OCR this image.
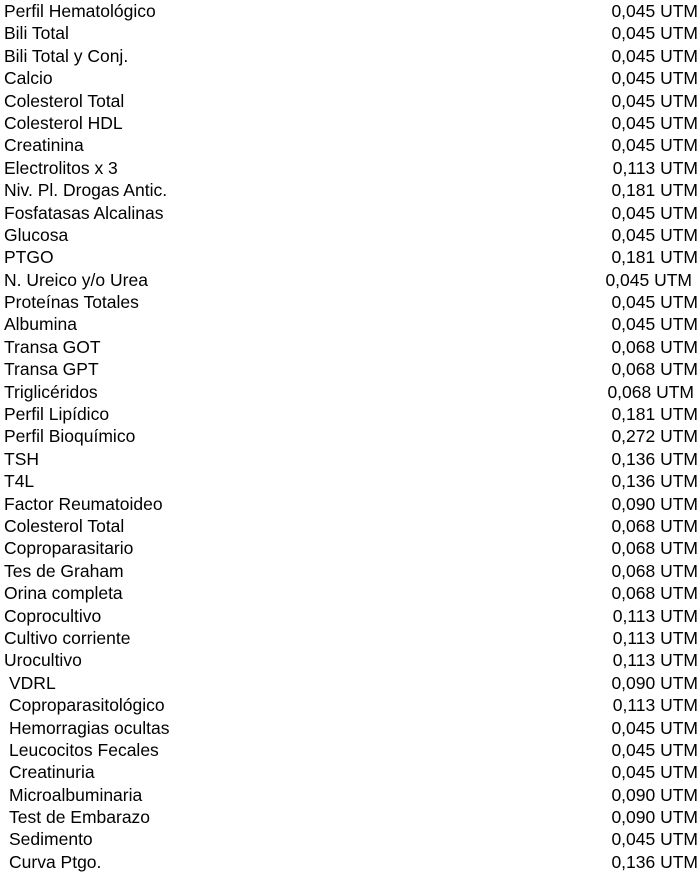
Perfil Hematológico	0,045 UTM
Bili Total	0,045 UTM
Bili Total y Conj.	0,045 UTM
Calcio	0,045 UTM
Colesterol Total	0,045 UTM
Colesterol HDL	0,045 UTM
Creatinina	0,045 UTM
Electrolitos x 3	0,113 UTM
Niv. Pl. Drogas Antic.	0,181 UTM
Fosfatasas Alcalinas	0,045 UTM
Glucosa	0,045 UTM
PTGO	0,181 UTM
N. Ureico y/o Urea	0,045 UTM
Proteínas Totales	0,045 UTM
Albumina	0,045 UTM
Transa GOT	0,068 UTM
Transa GPT	0,068 UTM
Triglicéridos	0,068 UTM
Perfil Lipídico	0,181 UTM
Perfil Bioquímico	0,272 UTM
TSH	0,136 UTM
T4L	0,136 UTM
Factor Reumatoideo	0,090 UTM
Colesterol Total	0,068 UTM
Coproparasitario	0,068 UTM
Tes de Graham	0,068 UTM
Orina completa	0,068 UTM
Coprocultivo	0,113 UTM
Cultivo corriente	0,113 UTM
Urocultivo	0,113 UTM
VDRL	0,090 UTM
Coproparasitológico	0,113 UTM
Hemorragias ocultas	0,045 UTM
Leucocitos Fecales	0,045 UTM
Creatinuria	0,045 UTM
Microalbuminaria	0,090 UTM
Test de Embarazo	0,090 UTM
Sedimento	0,045 UTM
Curva Ptgo.	0,136 UTM
